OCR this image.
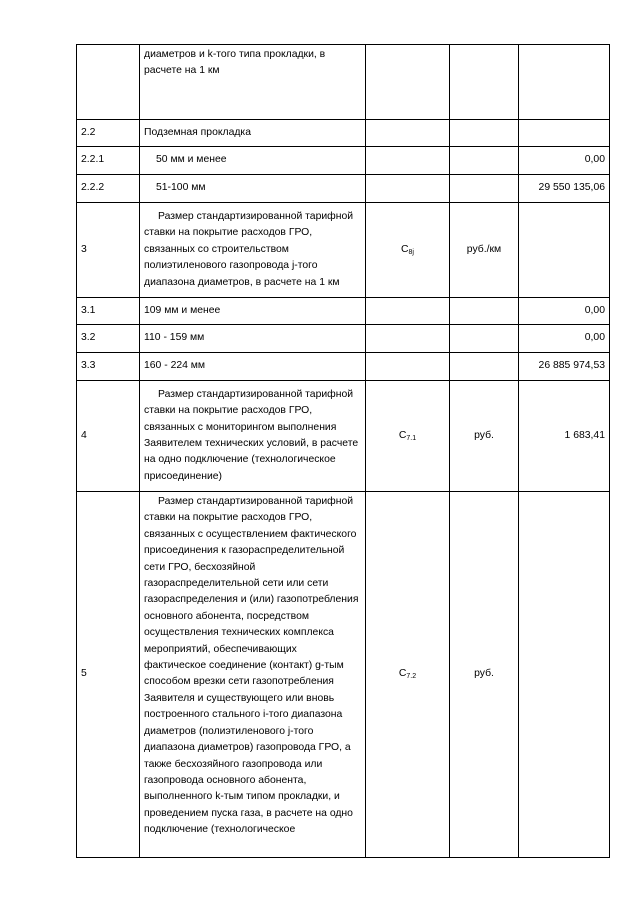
	диаметров и k-того типа прокладки, в расчете на 1 км			
2.2	Подземная прокладка			
2.2.1	50 мм и менее			0,00
2.2.2	51-100 мм			29 550 135,06
3	Размер стандартизированной тарифной ставки на покрытие расходов ГРО, связанных со строительством полиэтиленового газопровода j-того диапазона диаметров, в расчете на 1 км	$C_{8j}$	руб./км	
3.1	109 мм и менее			0,00
3.2	110 - 159 мм			0,00
3.3	160 - 224 мм			26 885 974,53
4	Размер стандартизированной тарифной ставки на покрытие расходов ГРО, связанных с мониторингом выполнения Заявителем технических условий, в расчете на одно подключение (технологическое присоединение)	$C_{7.1}$	руб.	1 683,41
5	Размер стандартизированной тарифной ставки на покрытие расходов ГРО, связанных с осуществлением фактического присоединения к газораспределительной сети ГРО, бесхозяйной газораспределительной сети или сети газораспределения и (или) газопотребления основного абонента, посредством осуществления технических комплекса мероприятий, обеспечивающих фактическое соединение (контакт) g-тым способом врезки сети газопотребления Заявителя и существующего или вновь построенного стального i-того диапазона диаметров (полиэтиленового j-того диапазона диаметров) газопровода ГРО, а также бесхозяйного газопровода или газопровода основного абонента, выполненного k-тым типом прокладки, и проведением пуска газа, в расчете на одно подключение (технологическое	$C_{7.2}$	руб.	
